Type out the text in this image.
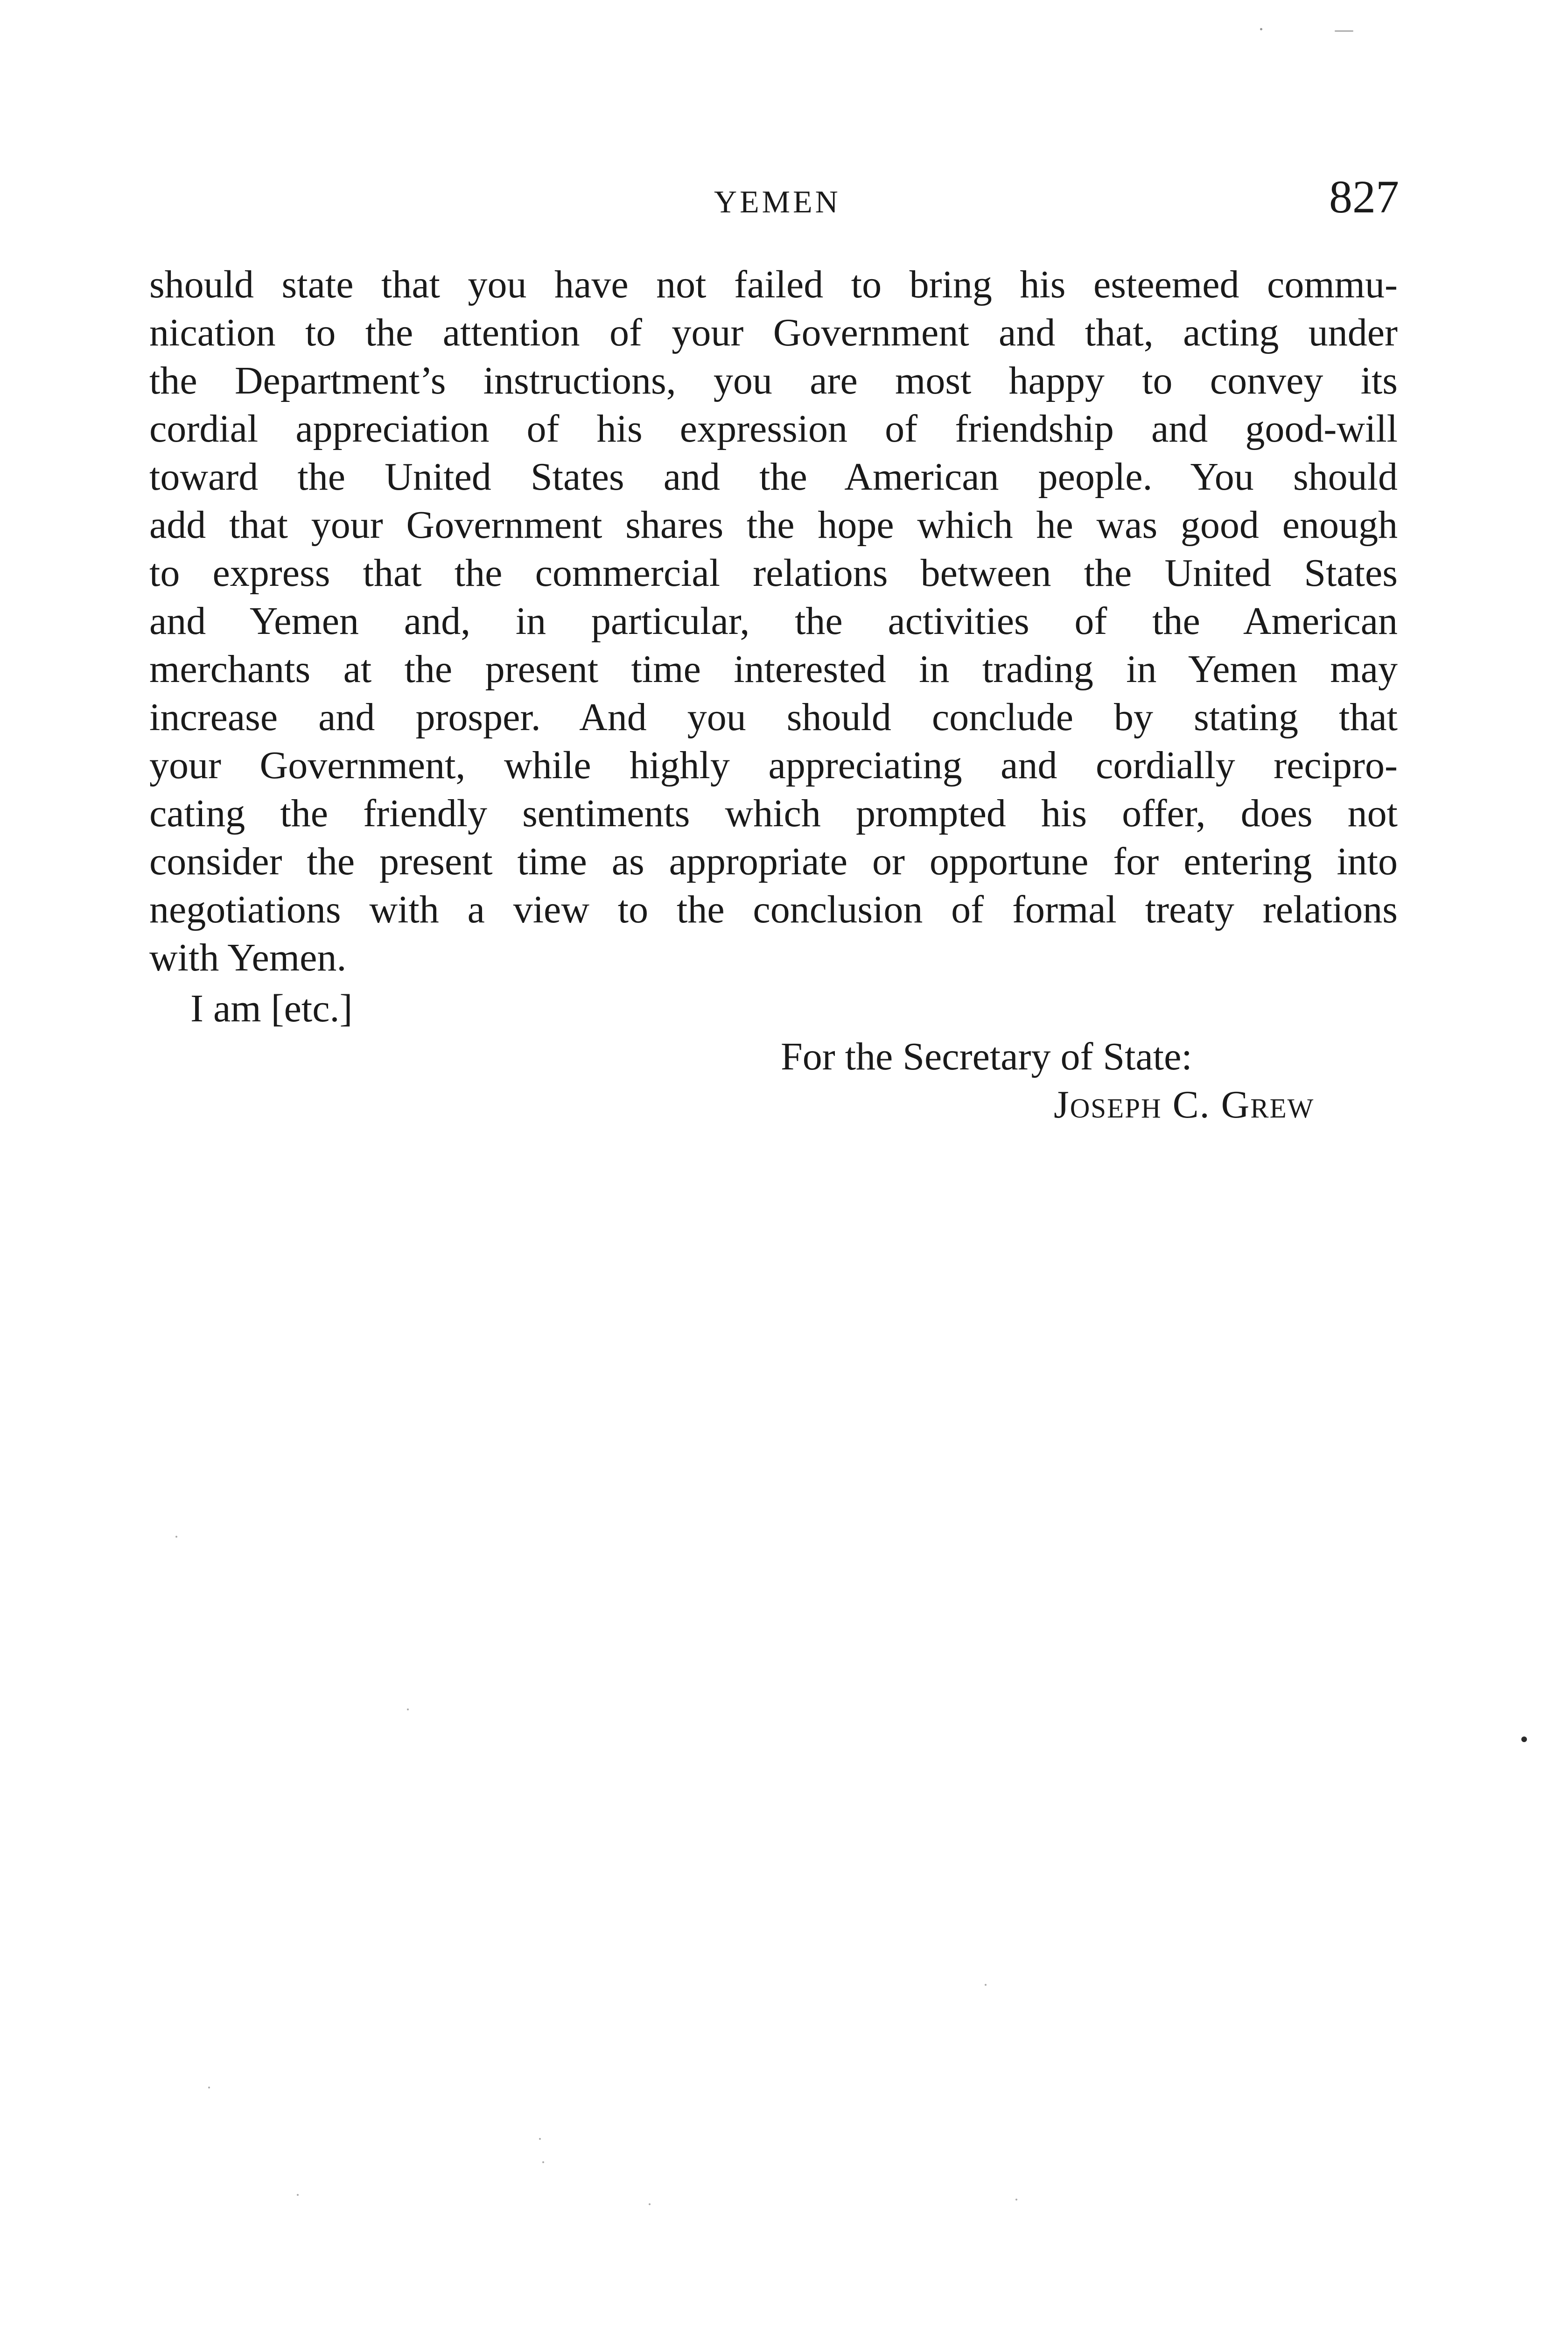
YEMEN	827
should state that you have not failed to bring his esteemed commu-
nication to the attention of your Government and that, acting under
the Department’s instructions, you are most happy to convey its
cordial appreciation of his expression of friendship and good-will
toward the United States and the American people. You should
add that your Government shares the hope which he was good enough
to express that the commercial relations between the United States
and Yemen and, in particular, the activities of the American
merchants at the present time interested in trading in Yemen may
increase and prosper. And you should conclude by stating that
your Government, while highly appreciating and cordially recipro-
cating the friendly sentiments which prompted his offer, does not
consider the present time as appropriate or opportune for entering into
negotiations with a view to the conclusion of formal treaty relations
with Yemen.
I am [etc.]
For the Secretary of State:
Joseph C. Grew
